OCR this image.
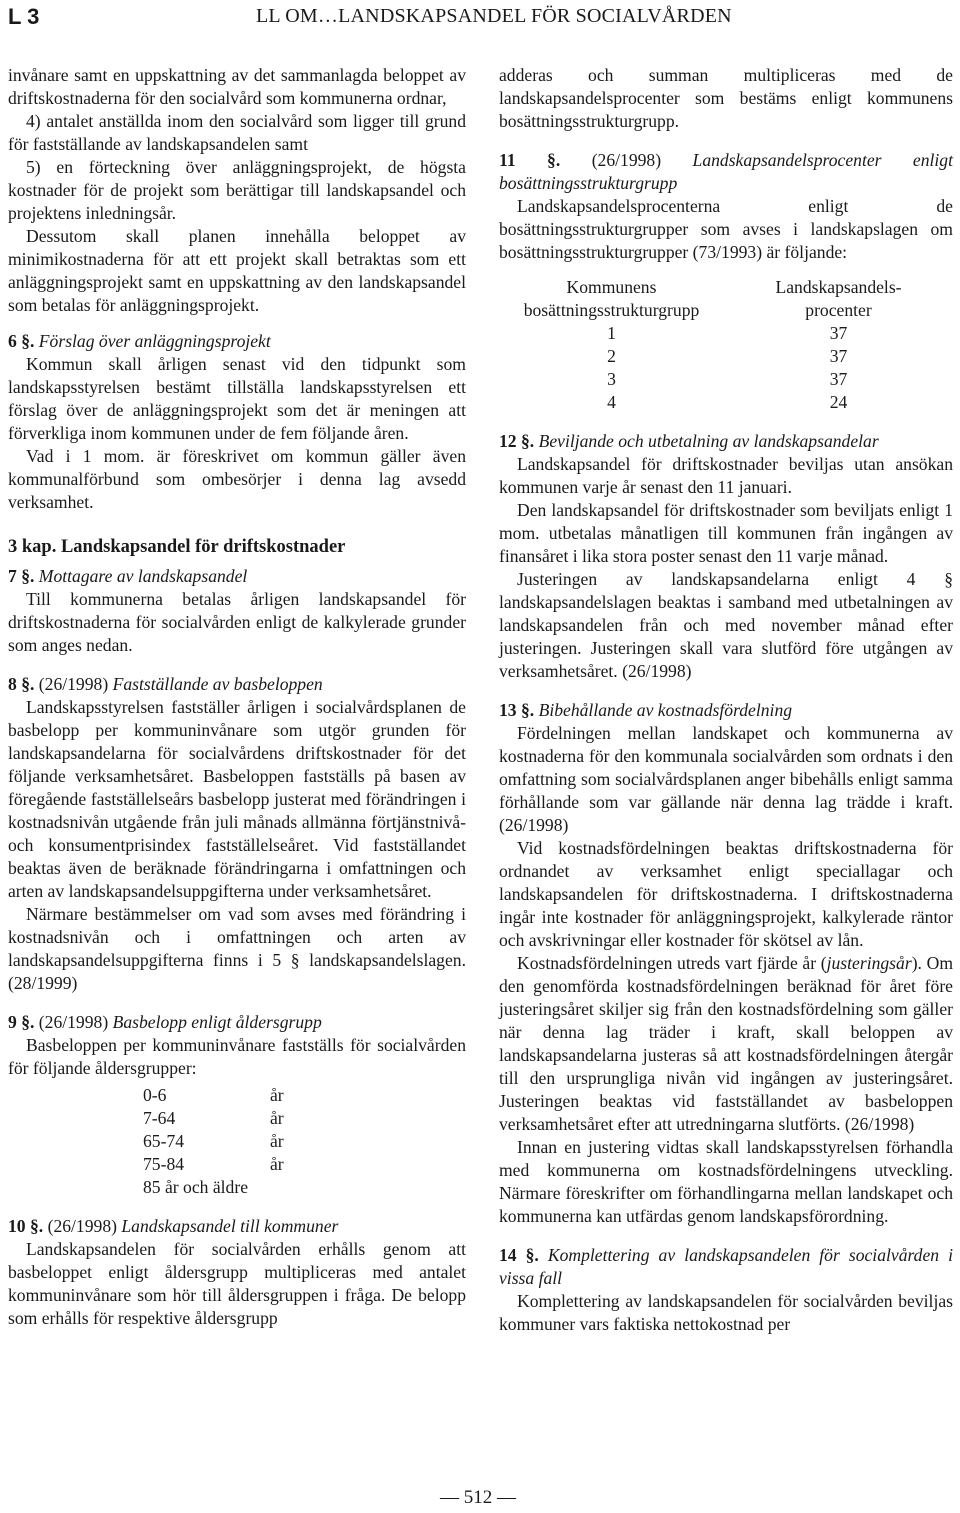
L 3	LL OM…LANDSKAPSANDEL FÖR SOCIALVÅRDEN

invånare samt en uppskattning av det sammanlagda beloppet av driftskostnaderna för den socialvård som kommunerna ordnar,

4) antalet anställda inom den socialvård som ligger till grund för fastställande av landskapsandelen samt

5) en förteckning över anläggningsprojekt, de högsta kostnader för de projekt som berättigar till landskapsandel och projektens inledningsår.

Dessutom skall planen innehålla beloppet av minimikostnaderna för att ett projekt skall betraktas som ett anläggningsprojekt samt en uppskattning av den landskapsandel som betalas för anläggningsprojekt.

6 §. Förslag över anläggningsprojekt

Kommun skall årligen senast vid den tidpunkt som landskapsstyrelsen bestämt tillställa landskapsstyrelsen ett förslag över de anläggningsprojekt som det är meningen att förverkliga inom kommunen under de fem följande åren.

Vad i 1 mom. är föreskrivet om kommun gäller även kommunalförbund som ombesörjer i denna lag avsedd verksamhet.

3 kap. Landskapsandel för driftskostnader

7 §. Mottagare av landskapsandel

Till kommunerna betalas årligen landskapsandel för driftskostnaderna för socialvården enligt de kalkylerade grunder som anges nedan.

8 §. (26/1998) Fastställande av basbeloppen

Landskapsstyrelsen fastställer årligen i socialvårdsplanen de basbelopp per kommuninvånare som utgör grunden för landskapsandelarna för socialvårdens driftskostnader för det följande verksamhetsåret. Basbeloppen fastställs på basen av föregående fastställelseårs basbelopp justerat med förändringen i kostnadsnivån utgående från juli månads allmänna förtjänstnivå- och konsumentprisindex fastställelseåret. Vid fastställandet beaktas även de beräknade förändringarna i omfattningen och arten av landskapsandelsuppgifterna under verksamhetsåret.

Närmare bestämmelser om vad som avses med förändring i kostnadsnivån och i omfattningen och arten av landskapsandelsuppgifterna finns i 5 § landskapsandelslagen. (28/1999)

9 §. (26/1998) Basbelopp enligt åldersgrupp

Basbeloppen per kommuninvånare fastställs för socialvården för följande åldersgrupper:

0-6	år
7-64	år
65-74	år
75-84	år
85 år och äldre

10 §. (26/1998) Landskapsandel till kommuner

Landskapsandelen för socialvården erhålls genom att basbeloppet enligt åldersgrupp multipliceras med antalet kommuninvånare som hör till åldersgruppen i fråga. De belopp som erhålls för respektive åldersgrupp

adderas och summan multipliceras med de landskapsandelsprocenter som bestäms enligt kommunens bosättningsstrukturgrupp.

11 §. (26/1998) Landskapsandelsprocenter enligt bosättningsstrukturgrupp

Landskapsandelsprocenterna enligt de bosättningsstrukturgrupper som avses i landskapslagen om bosättningsstrukturgrupper (73/1993) är följande:

Kommunens	Landskapsandels-
bosättningsstrukturgrupp	procenter
1	37
2	37
3	37
4	24

12 §. Beviljande och utbetalning av landskapsandelar

Landskapsandel för driftskostnader beviljas utan ansökan kommunen varje år senast den 11 januari.

Den landskapsandel för driftskostnader som beviljats enligt 1 mom. utbetalas månatligen till kommunen från ingången av finansåret i lika stora poster senast den 11 varje månad.

Justeringen av landskapsandelarna enligt 4 § landskapsandelslagen beaktas i samband med utbetalningen av landskapsandelen från och med november månad efter justeringen. Justeringen skall vara slutförd före utgången av verksamhetsåret. (26/1998)

13 §. Bibehållande av kostnadsfördelning

Fördelningen mellan landskapet och kommunerna av kostnaderna för den kommunala socialvården som ordnats i den omfattning som socialvårdsplanen anger bibehålls enligt samma förhållande som var gällande när denna lag trädde i kraft. (26/1998)

Vid kostnadsfördelningen beaktas driftskostnaderna för ordnandet av verksamhet enligt speciallagar och landskapsandelen för driftskostnaderna. I driftskostnaderna ingår inte kostnader för anläggningsprojekt, kalkylerade räntor och avskrivningar eller kostnader för skötsel av lån.

Kostnadsfördelningen utreds vart fjärde år (justeringsår). Om den genomförda kostnadsfördelningen beräknad för året före justeringsåret skiljer sig från den kostnadsfördelning som gäller när denna lag träder i kraft, skall beloppen av landskapsandelarna justeras så att kostnadsfördelningen återgår till den ursprungliga nivån vid ingången av justeringsåret. Justeringen beaktas vid fastställandet av basbeloppen verksamhetsåret efter att utredningarna slutförts. (26/1998)

Innan en justering vidtas skall landskapsstyrelsen förhandla med kommunerna om kostnadsfördelningens utveckling. Närmare föreskrifter om förhandlingarna mellan landskapet och kommunerna kan utfärdas genom landskapsförordning.

14 §. Komplettering av landskapsandelen för socialvården i vissa fall

Komplettering av landskapsandelen för socialvården beviljas kommuner vars faktiska nettokostnad per

— 512 —
